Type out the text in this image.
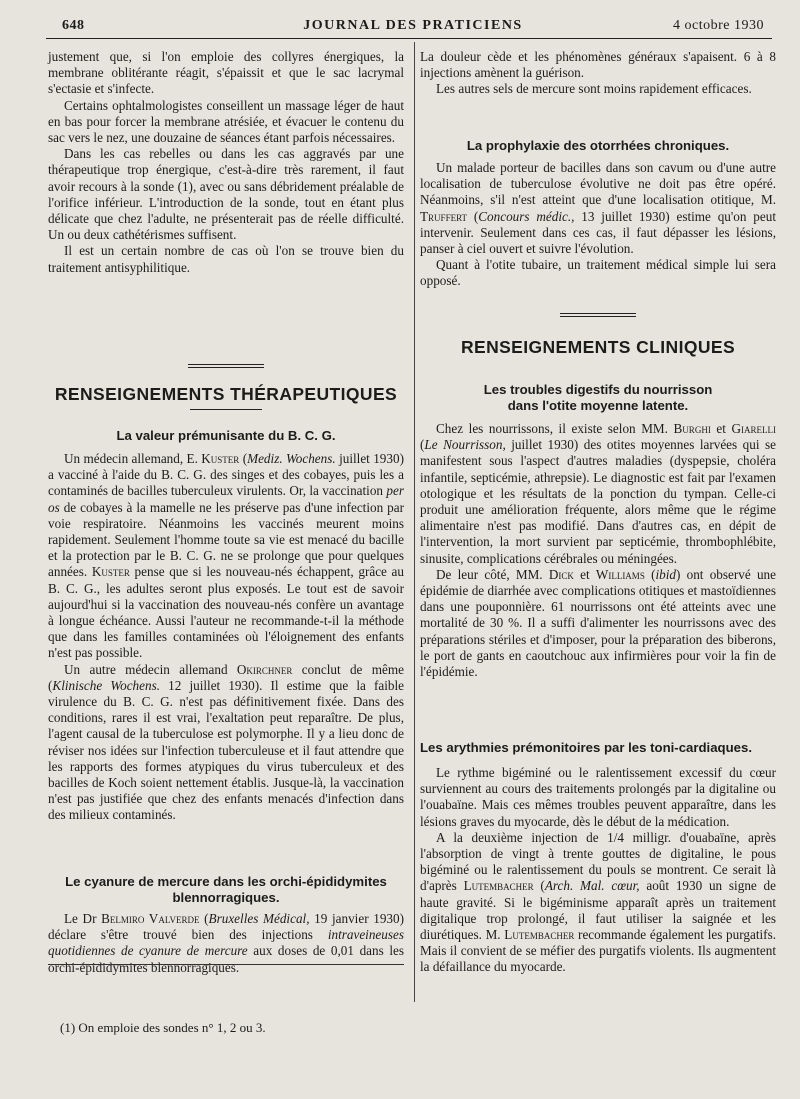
648	JOURNAL DES PRATICIENS	4 octobre 1930

justement que, si l'on emploie des collyres énergiques, la membrane oblitérante réagit, s'épaissit et que le sac lacrymal s'ectasie et s'infecte.

Certains ophtalmologistes conseillent un massage léger de haut en bas pour forcer la membrane atrésiée, et évacuer le contenu du sac vers le nez, une douzaine de séances étant parfois nécessaires.

Dans les cas rebelles ou dans les cas aggravés par une thérapeutique trop énergique, c'est-à-dire très rarement, il faut avoir recours à la sonde (1), avec ou sans débridement préalable de l'orifice inférieur. L'introduction de la sonde, tout en étant plus délicate que chez l'adulte, ne présenterait pas de réelle difficulté. Un ou deux cathétérismes suffisent.

Il est un certain nombre de cas où l'on se trouve bien du traitement antisyphilitique.

RENSEIGNEMENTS THÉRAPEUTIQUES
La valeur prémunisante du B. C. G.

Un médecin allemand, E. Kuster (Mediz. Wochens. juillet 1930) a vacciné à l'aide du B. C. G. des singes et des cobayes, puis les a contaminés de bacilles tuberculeux virulents. Or, la vaccination per os de cobayes à la mamelle ne les préserve pas d'une infection par voie respiratoire. Néanmoins les vaccinés meurent moins rapidement. Seulement l'homme toute sa vie est menacé du bacille et la protection par le B. C. G. ne se prolonge que pour quelques années. Kuster pense que si les nouveau-nés échappent, grâce au B. C. G., les adultes seront plus exposés. Le tout est de savoir aujourd'hui si la vaccination des nouveau-nés confère un avantage à longue échéance. Aussi l'auteur ne recommande-t-il la méthode que dans les familles contaminées où l'éloignement des enfants n'est pas possible.

Un autre médecin allemand Okirchner conclut de même (Klinische Wochens. 12 juillet 1930). Il estime que la faible virulence du B. C. G. n'est pas définitivement fixée. Dans des conditions, rares il est vrai, l'exaltation peut reparaître. De plus, l'agent causal de la tuberculose est polymorphe. Il y a lieu donc de réviser nos idées sur l'infection tuberculeuse et il faut attendre que les rapports des formes atypiques du virus tuberculeux et des bacilles de Koch soient nettement établis. Jusque-là, la vaccination n'est pas justifiée que chez des enfants menacés d'infection dans des milieux contaminés.

Le cyanure de mercure dans les orchi-épididymites blennorragiques.

Le Dr Belmiro Valverde (Bruxelles Médical, 19 janvier 1930) déclare s'être trouvé bien des injections intraveineuses quotidiennes de cyanure de mercure aux doses de 0,01 dans les orchi-épididymites blennorragiques.

(1) On emploie des sondes n° 1, 2 ou 3.

La douleur cède et les phénomènes généraux s'apaisent. 6 à 8 injections amènent la guérison.

Les autres sels de mercure sont moins rapidement efficaces.

La prophylaxie des otorrhées chroniques.

Un malade porteur de bacilles dans son cavum ou d'une autre localisation de tuberculose évolutive ne doit pas être opéré. Néanmoins, s'il n'est atteint que d'une localisation otitique, M. Truffert (Concours médic., 13 juillet 1930) estime qu'on peut intervenir. Seulement dans ces cas, il faut dépasser les lésions, panser à ciel ouvert et suivre l'évolution.

Quant à l'otite tubaire, un traitement médical simple lui sera opposé.

RENSEIGNEMENTS CLINIQUES
Les troubles digestifs du nourrisson
dans l'otite moyenne latente.

Chez les nourrissons, il existe selon MM. Burghi et Giarelli (Le Nourrisson, juillet 1930) des otites moyennes larvées qui se manifestent sous l'aspect d'autres maladies (dyspepsie, choléra infantile, septicémie, athrepsie). Le diagnostic est fait par l'examen otologique et les résultats de la ponction du tympan. Celle-ci produit une amélioration fréquente, alors même que le régime alimentaire n'est pas modifié. Dans d'autres cas, en dépit de l'intervention, la mort survient par septicémie, thrombophlébite, sinusite, complications cérébrales ou méningées.

De leur côté, MM. Dick et Williams (ibid) ont observé une épidémie de diarrhée avec complications otitiques et mastoïdiennes dans une pouponnière. 61 nourrissons ont été atteints avec une mortalité de 30 %. Il a suffi d'alimenter les nourrissons avec des préparations stériles et d'imposer, pour la préparation des biberons, le port de gants en caoutchouc aux infirmières pour voir la fin de l'épidémie.

Les arythmies prémonitoires par les toni-cardiaques.

Le rythme bigéminé ou le ralentissement excessif du cœur surviennent au cours des traitements prolongés par la digitaline ou l'ouabaïne. Mais ces mêmes troubles peuvent apparaître, dans les lésions graves du myocarde, dès le début de la médication.

A la deuxième injection de 1/4 milligr. d'ouabaïne, après l'absorption de vingt à trente gouttes de digitaline, le pous bigéminé ou le ralentissement du pouls se montrent. Ce serait là d'après Lutembacher (Arch. Mal. cœur, août 1930 un signe de haute gravité. Si le bigéminisme apparaît après un traitement digitalique trop prolongé, il faut utiliser la saignée et les diurétiques. M. Lutembacher recommande également les purgatifs. Mais il convient de se méfier des purgatifs violents. Ils augmentent la défaillance du myocarde.
